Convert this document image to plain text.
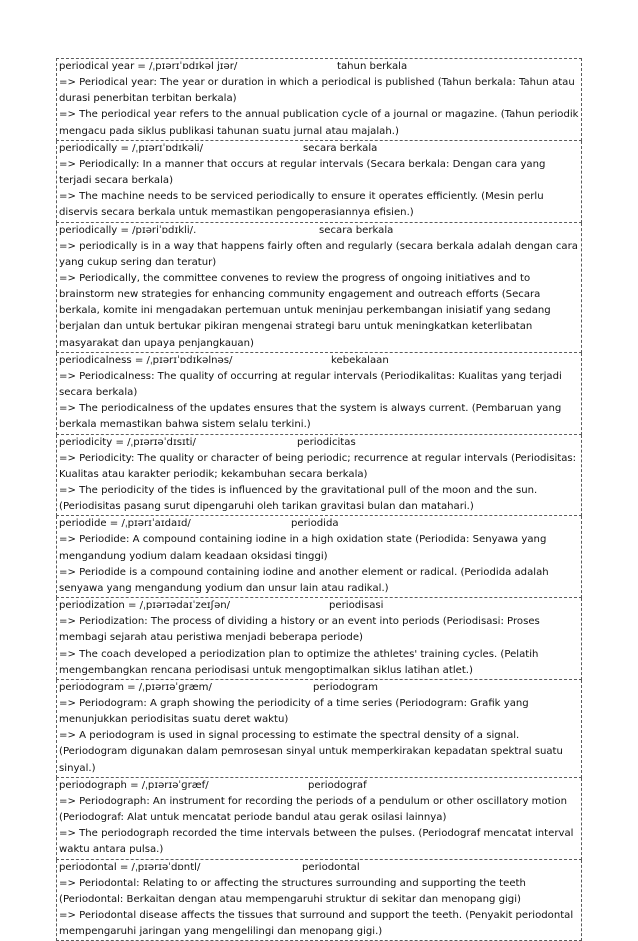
periodical year = /ˌpɪərɪˈɒdɪkəl jɪər/	tahun berkala
=> Periodical year: The year or duration in which a periodical is published (Tahun berkala: Tahun atau durasi penerbitan terbitan berkala)
=> The periodical year refers to the annual publication cycle of a journal or magazine. (Tahun periodik mengacu pada siklus publikasi tahunan suatu jurnal atau majalah.)
periodically = /ˌpɪərɪˈɒdɪkəli/	secara berkala
=> Periodically: In a manner that occurs at regular intervals (Secara berkala: Dengan cara yang terjadi secara berkala)
=> The machine needs to be serviced periodically to ensure it operates efficiently. (Mesin perlu diservis secara berkala untuk memastikan pengoperasiannya efisien.)
periodically = /pɪəriˈɒdɪkli/.	secara berkala
=> periodically is in a way that happens fairly often and regularly (secara berkala adalah dengan cara yang cukup sering dan teratur)
=> Periodically, the committee convenes to review the progress of ongoing initiatives and to brainstorm new strategies for enhancing community engagement and outreach efforts (Secara berkala, komite ini mengadakan pertemuan untuk meninjau perkembangan inisiatif yang sedang berjalan dan untuk bertukar pikiran mengenai strategi baru untuk meningkatkan keterlibatan masyarakat dan upaya penjangkauan)
periodicalness = /ˌpɪərɪˈɒdɪkəlnəs/	kebekalaan
=> Periodicalness: The quality of occurring at regular intervals (Periodikalitas: Kualitas yang terjadi secara berkala)
=> The periodicalness of the updates ensures that the system is always current. (Pembaruan yang berkala memastikan bahwa sistem selalu terkini.)
periodicity = /ˌpɪərɪəˈdɪsɪti/	periodicitas
=> Periodicity: The quality or character of being periodic; recurrence at regular intervals (Periodisitas: Kualitas atau karakter periodik; kekambuhan secara berkala)
=> The periodicity of the tides is influenced by the gravitational pull of the moon and the sun. (Periodisitas pasang surut dipengaruhi oleh tarikan gravitasi bulan dan matahari.)
periodide = /ˌpɪərɪˈaɪdaɪd/	periodida
=> Periodide: A compound containing iodine in a high oxidation state (Periodida: Senyawa yang mengandung yodium dalam keadaan oksidasi tinggi)
=> Periodide is a compound containing iodine and another element or radical. (Periodida adalah senyawa yang mengandung yodium dan unsur lain atau radikal.)
periodization = /ˌpɪərɪədaɪˈzeɪʃən/	periodisasi
=> Periodization: The process of dividing a history or an event into periods (Periodisasi: Proses membagi sejarah atau peristiwa menjadi beberapa periode)
=> The coach developed a periodization plan to optimize the athletes' training cycles. (Pelatih mengembangkan rencana periodisasi untuk mengoptimalkan siklus latihan atlet.)
periodogram = /ˌpɪərɪəˈɡræm/	periodogram
=> Periodogram: A graph showing the periodicity of a time series (Periodogram: Grafik yang menunjukkan periodisitas suatu deret waktu)
=> A periodogram is used in signal processing to estimate the spectral density of a signal. (Periodogram digunakan dalam pemrosesan sinyal untuk memperkirakan kepadatan spektral suatu sinyal.)
periodograph = /ˌpɪərɪəˈɡræf/	periodograf
=> Periodograph: An instrument for recording the periods of a pendulum or other oscillatory motion (Periodograf: Alat untuk mencatat periode bandul atau gerak osilasi lainnya)
=> The periodograph recorded the time intervals between the pulses. (Periodograf mencatat interval waktu antara pulsa.)
periodontal = /ˌpɪərɪəˈdɒntl/	periodontal
=> Periodontal: Relating to or affecting the structures surrounding and supporting the teeth (Periodontal: Berkaitan dengan atau mempengaruhi struktur di sekitar dan menopang gigi)
=> Periodontal disease affects the tissues that surround and support the teeth. (Penyakit periodontal mempengaruhi jaringan yang mengelilingi dan menopang gigi.)
